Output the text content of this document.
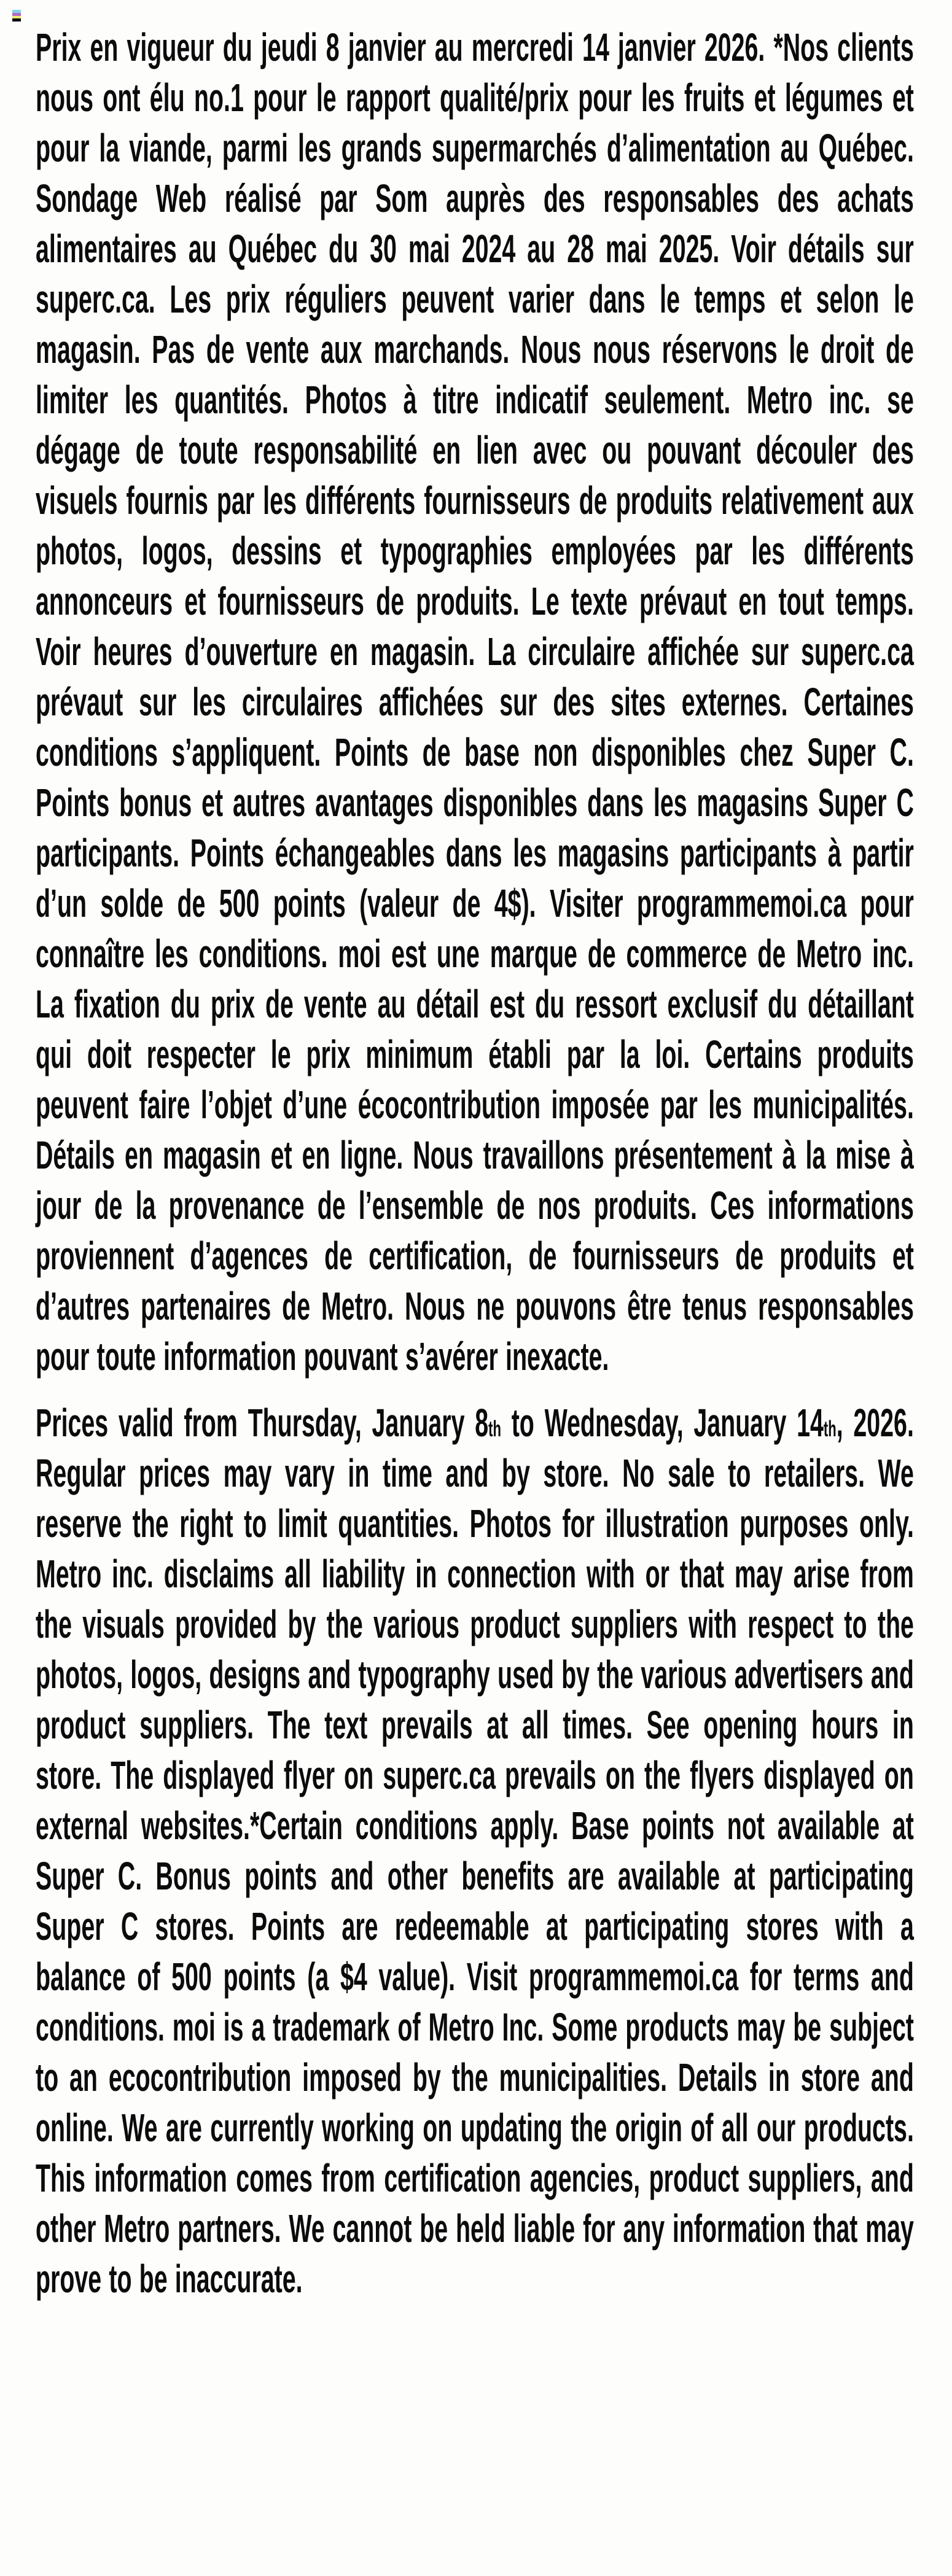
Prix en vigueur du jeudi 8 janvier au mercredi 14 janvier 2026. *Nos clients nous ont élu no.1 pour le rapport qualité/prix pour les fruits et légumes et pour la viande, parmi les grands supermarchés d’alimentation au Québec. Sondage Web réalisé par Som auprès des responsables des achats alimentaires au Québec du 30 mai 2024 au 28 mai 2025. Voir détails sur superc.ca. Les prix réguliers peuvent varier dans le temps et selon le magasin. Pas de vente aux marchands. Nous nous réservons le droit de limiter les quantités. Photos à titre indicatif seulement. Metro inc. se dégage de toute responsabilité en lien avec ou pouvant découler des visuels fournis par les différents fournisseurs de produits relativement aux photos, logos, dessins et typographies employées par les différents annonceurs et fournisseurs de produits. Le texte prévaut en tout temps. Voir heures d’ouverture en magasin. La circulaire affichée sur superc.ca prévaut sur les circulaires affichées sur des sites externes. Certaines conditions s’appliquent. Points de base non disponibles chez Super C. Points bonus et autres avantages disponibles dans les magasins Super C participants. Points échangeables dans les magasins participants à partir d’un solde de 500 points (valeur de 4$). Visiter programmemoi.ca pour connaître les conditions. moi est une marque de commerce de Metro inc. La fixation du prix de vente au détail est du ressort exclusif du détaillant qui doit respecter le prix minimum établi par la loi. Certains produits peuvent faire l’objet d’une écocontribution imposée par les municipalités. Détails en magasin et en ligne. Nous travaillons présentement à la mise à jour de la provenance de l’ensemble de nos produits. Ces informations proviennent d’agences de certification, de fournisseurs de produits et d’autres partenaires de Metro. Nous ne pouvons être tenus responsables pour toute information pouvant s’avérer inexacte.

Prices valid from Thursday, January 8th to Wednesday, January 14th, 2026. Regular prices may vary in time and by store. No sale to retailers. We reserve the right to limit quantities. Photos for illustration purposes only. Metro inc. disclaims all liability in connection with or that may arise from the visuals provided by the various product suppliers with respect to the photos, logos, designs and typography used by the various advertisers and product suppliers. The text prevails at all times. See opening hours in store. The displayed flyer on superc.ca prevails on the flyers displayed on external websites.*Certain conditions apply. Base points not available at Super C. Bonus points and other benefits are available at participating Super C stores. Points are redeemable at participating stores with a balance of 500 points (a $4 value). Visit programmemoi.ca for terms and conditions. moi is a trademark of Metro Inc. Some products may be subject to an ecocontribution imposed by the municipalities. Details in store and online. We are currently working on updating the origin of all our products. This information comes from certification agencies, product suppliers, and other Metro partners. We cannot be held liable for any information that may prove to be inaccurate.
